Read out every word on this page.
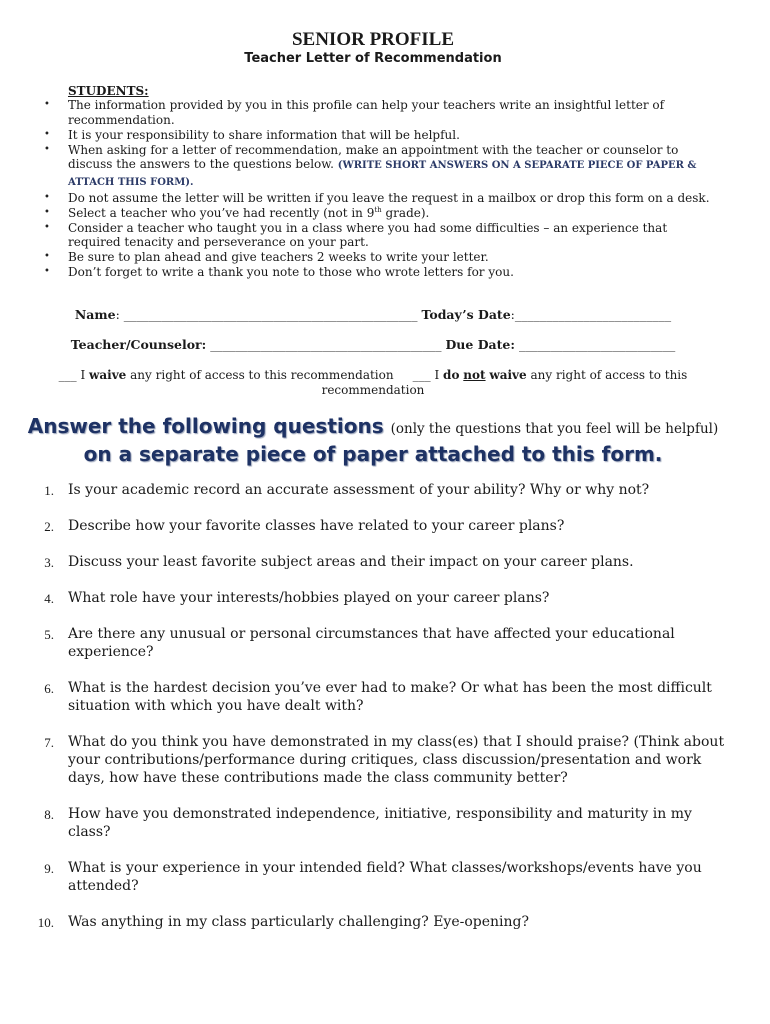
SENIOR PROFILE
Teacher Letter of Recommendation
STUDENTS:
• The information provided by you in this profile can help your teachers write an insightful letter of recommendation.
• It is your responsibility to share information that will be helpful.
• When asking for a letter of recommendation, make an appointment with the teacher or counselor to discuss the answers to the questions below. (WRITE SHORT ANSWERS ON A SEPARATE PIECE OF PAPER & ATTACH THIS FORM).
• Do not assume the letter will be written if you leave the request in a mailbox or drop this form on a desk.
• Select a teacher who you’ve had recently (not in 9th grade).
• Consider a teacher who taught you in a class where you had some difficulties – an experience that required tenacity and perseverance on your part.
• Be sure to plan ahead and give teachers 2 weeks to write your letter.
• Don’t forget to write a thank you note to those who wrote letters for you.
Name: _______________________________________________ Today’s Date:_________________________
Teacher/Counselor: _____________________________________ Due Date: _________________________
___ I waive any right of access to this recommendation ___ I do not waive any right of access to this recommendation
Answer the following questions (only the questions that you feel will be helpful)
on a separate piece of paper attached to this form.
1. Is your academic record an accurate assessment of your ability? Why or why not?
2. Describe how your favorite classes have related to your career plans?
3. Discuss your least favorite subject areas and their impact on your career plans.
4. What role have your interests/hobbies played on your career plans?
5. Are there any unusual or personal circumstances that have affected your educational experience?
6. What is the hardest decision you’ve ever had to make? Or what has been the most difficult situation with which you have dealt with?
7. What do you think you have demonstrated in my class(es) that I should praise? (Think about your contributions/performance during critiques, class discussion/presentation and work days, how have these contributions made the class community better?
8. How have you demonstrated independence, initiative, responsibility and maturity in my class?
9. What is your experience in your intended field? What classes/workshops/events have you attended?
10. Was anything in my class particularly challenging? Eye-opening?
